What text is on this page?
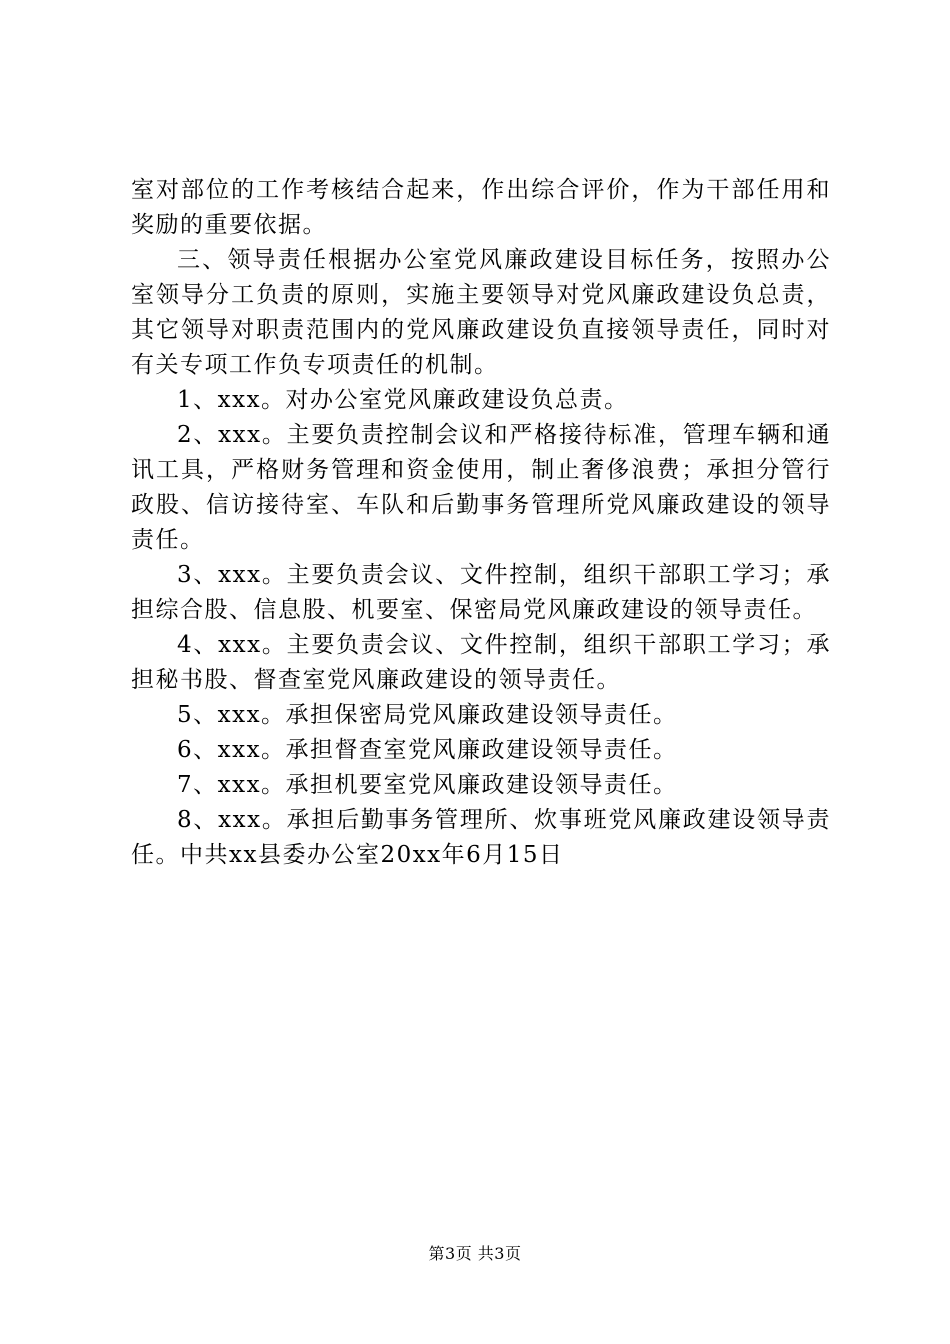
室对部位的工作考核结合起来，作出综合评价，作为干部任用和奖励的重要依据。

三、领导责任根据办公室党风廉政建设目标任务，按照办公室领导分工负责的原则，实施主要领导对党风廉政建设负总责，其它领导对职责范围内的党风廉政建设负直接领导责任，同时对有关专项工作负专项责任的机制。

1、xxx。对办公室党风廉政建设负总责。

2、xxx。主要负责控制会议和严格接待标准，管理车辆和通讯工具，严格财务管理和资金使用，制止奢侈浪费；承担分管行政股、信访接待室、车队和后勤事务管理所党风廉政建设的领导责任。

3、xxx。主要负责会议、文件控制，组织干部职工学习；承担综合股、信息股、机要室、保密局党风廉政建设的领导责任。

4、xxx。主要负责会议、文件控制，组织干部职工学习；承担秘书股、督查室党风廉政建设的领导责任。

5、xxx。承担保密局党风廉政建设领导责任。

6、xxx。承担督查室党风廉政建设领导责任。

7、xxx。承担机要室党风廉政建设领导责任。

8、xxx。承担后勤事务管理所、炊事班党风廉政建设领导责任。中共xx县委办公室20xx年6月15日

第3页 共3页
